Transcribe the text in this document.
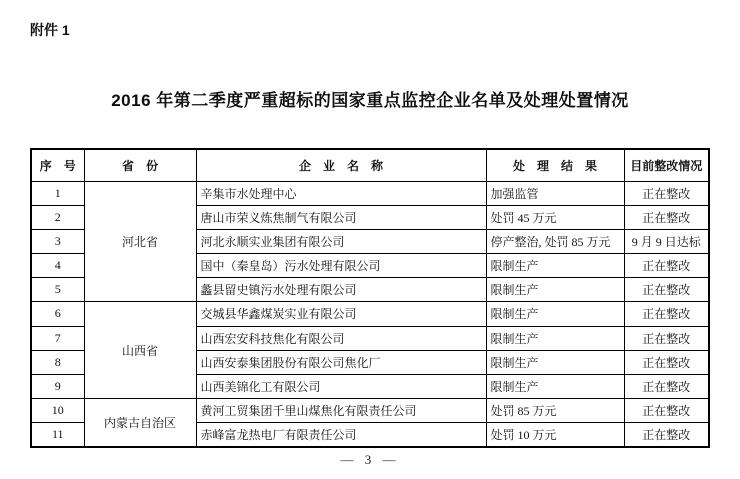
附件 1
2016 年第二季度严重超标的国家重点监控企业名单及处理处置情况
序　号	省　份	企　业　名　称	处　理　结　果	目前整改情况
1	河北省	辛集市水处理中心	加强监管	正在整改
2		唐山市荣义炼焦制气有限公司	处罚 45 万元	正在整改
3		河北永顺实业集团有限公司	停产整治, 处罚 85 万元	9 月 9 日达标
4		国中（秦皇岛）污水处理有限公司	限制生产	正在整改
5		蠡县留史镇污水处理有限公司	限制生产	正在整改
6	山西省	交城县华鑫煤炭实业有限公司	限制生产	正在整改
7		山西宏安科技焦化有限公司	限制生产	正在整改
8		山西安泰集团股份有限公司焦化厂	限制生产	正在整改
9		山西美锦化工有限公司	限制生产	正在整改
10	内蒙古自治区	黄河工贸集团千里山煤焦化有限责任公司	处罚 85 万元	正在整改
11		赤峰富龙热电厂有限责任公司	处罚 10 万元	正在整改
— 3 —
